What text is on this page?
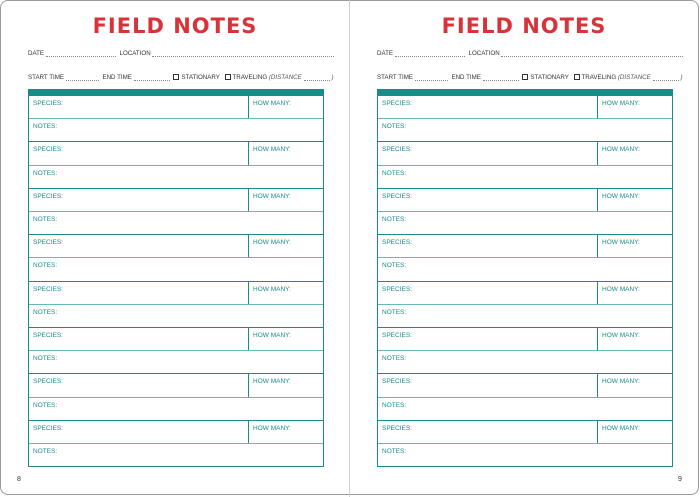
FIELD NOTES
DATE	LOCATION
START TIME	END TIME	STATIONARY TRAVELING (DISTANCE	)
SPECIES:	HOW MANY:
NOTES:
SPECIES:	HOW MANY:
NOTES:
SPECIES:	HOW MANY:
NOTES:
SPECIES:	HOW MANY:
NOTES:
SPECIES:	HOW MANY:
NOTES:
SPECIES:	HOW MANY:
NOTES:
SPECIES:	HOW MANY:
NOTES:
SPECIES:	HOW MANY:
NOTES:
8
FIELD NOTES
DATE	LOCATION
START TIME	END TIME	STATIONARY TRAVELING (DISTANCE	)
SPECIES:	HOW MANY:
NOTES:
SPECIES:	HOW MANY:
NOTES:
SPECIES:	HOW MANY:
NOTES:
SPECIES:	HOW MANY:
NOTES:
SPECIES:	HOW MANY:
NOTES:
SPECIES:	HOW MANY:
NOTES:
SPECIES:	HOW MANY:
NOTES:
SPECIES:	HOW MANY:
NOTES:
9
